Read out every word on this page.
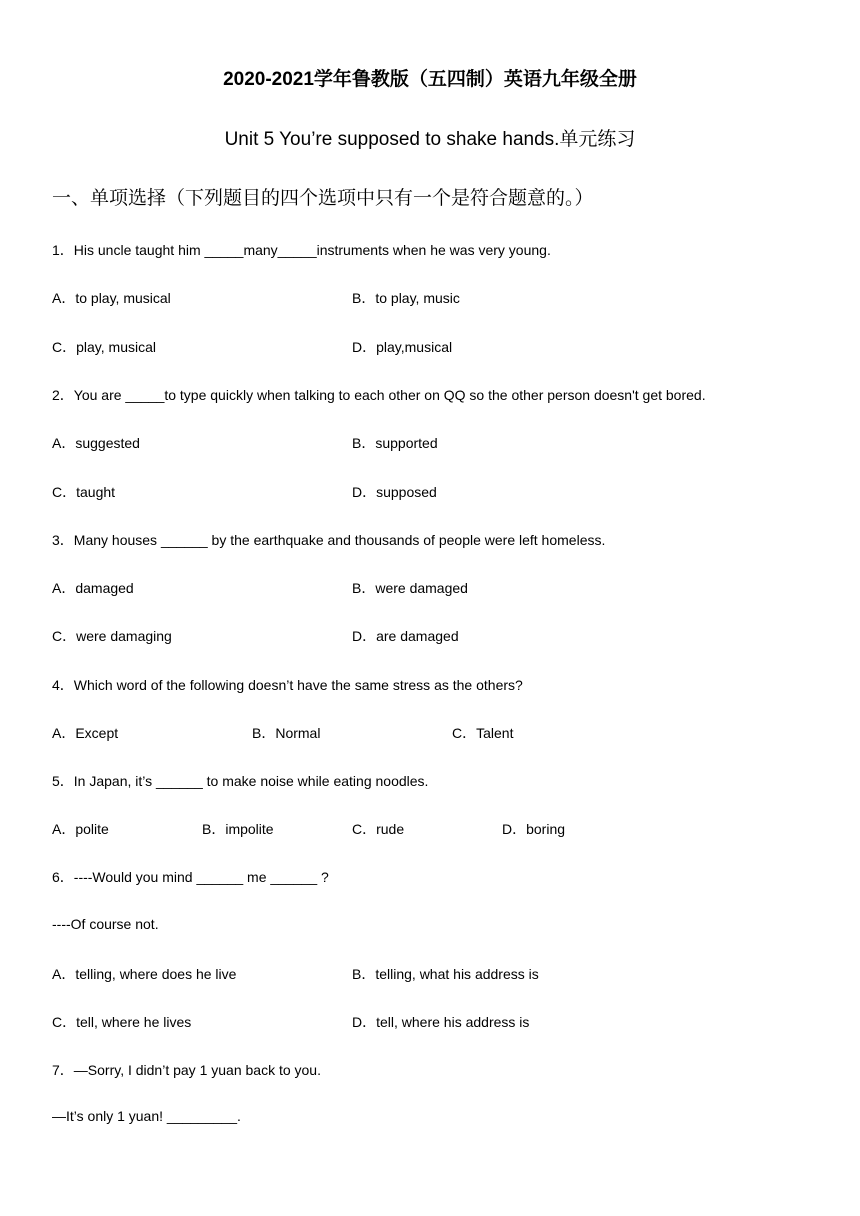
2020-2021学年鲁教版（五四制）英语九年级全册
Unit 5 You’re supposed to shake hands.单元练习
一、单项选择（下列题目的四个选项中只有一个是符合题意的。）

1．His uncle taught him _____many_____instruments when he was very young.

A．to play, musical	B．to play, music

C．play, musical	D．play,musical

2．You are _____to type quickly when talking to each other on QQ so the other person doesn't get bored.

A．suggested	B．supported

C．taught	D．supposed

3．Many houses ______ by the earthquake and thousands of people were left homeless.

A．damaged	B．were damaged

C．were damaging	D．are damaged

4．Which word of the following doesn’t have the same stress as the others?

A．Except	B．Normal	C．Talent

5．In Japan, it’s ______ to make noise while eating noodles.

A．polite	B．impolite	C．rude	D．boring

6．----Would you mind ______ me ______ ?

----Of course not.

A．telling, where does he live	B．telling, what his address is

C．tell, where he lives	D．tell, where his address is

7．—Sorry, I didn’t pay 1 yuan back to you.

—It’s only 1 yuan! _________.
